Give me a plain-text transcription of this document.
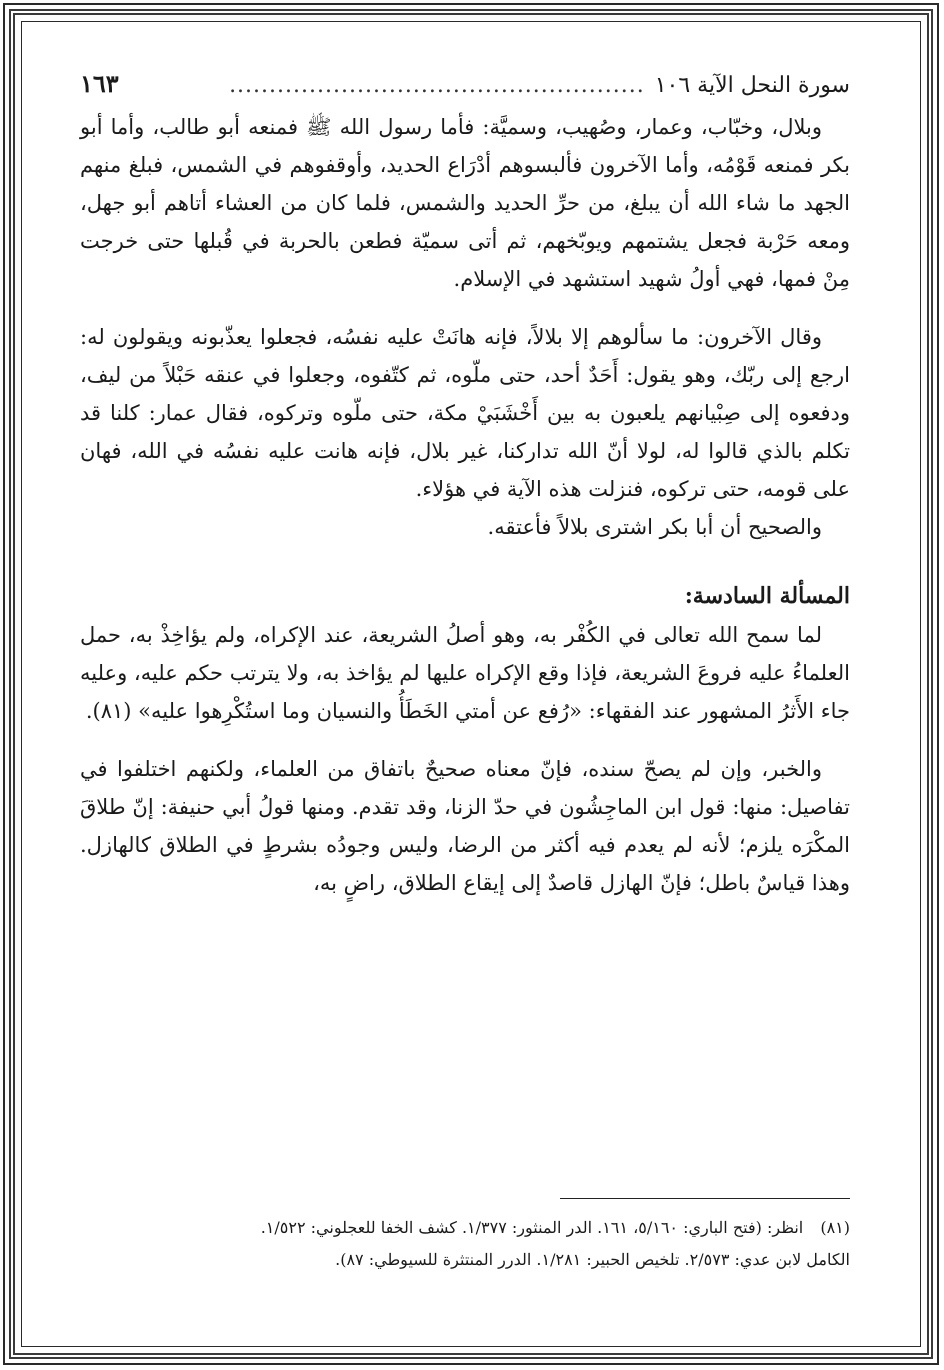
سورة النحل الآية ١٠٦
....................................................
١٦٣

وبلال، وخبّاب، وعمار، وصُهيب، وسميَّة: فأما رسول الله ﷺ فمنعه أبو طالب، وأما أبو بكر فمنعه قَوْمُه، وأما الآخرون فألبسوهم أدْرَاع الحديد، وأوقفوهم في الشمس، فبلغ منهم الجهد ما شاء الله أن يبلغ، من حرِّ الحديد والشمس، فلما كان من العشاء أتاهم أبو جهل، ومعه حَرْبة فجعل يشتمهم ويوبّخهم، ثم أتى سميّة فطعن بالحربة في قُبلها حتى خرجت مِنْ فمها، فهي أولُ شهيد استشهد في الإسلام.

وقال الآخرون: ما سألوهم إلا بلالاً، فإنه هانَتْ عليه نفسُه، فجعلوا يعذّبونه ويقولون له: ارجع إلى ربّك، وهو يقول: أَحَدٌ أحد، حتى ملّوه، ثم كتّفوه، وجعلوا في عنقه حَبْلاً من ليف، ودفعوه إلى صِبْيانهم يلعبون به بين أَخْشَبَيْ مكة، حتى ملّوه وتركوه، فقال عمار: كلنا قد تكلم بالذي قالوا له، لولا أنّ الله تداركنا، غير بلال، فإنه هانت عليه نفسُه في الله، فهان على قومه، حتى تركوه، فنزلت هذه الآية في هؤلاء.

والصحيح أن أبا بكر اشترى بلالاً فأعتقه.

المسألة السادسة:

لما سمح الله تعالى في الكُفْر به، وهو أصلُ الشريعة، عند الإكراه، ولم يؤاخِذْ به، حمل العلماءُ عليه فروعَ الشريعة، فإذا وقع الإكراه عليها لم يؤاخذ به، ولا يترتب حكم عليه، وعليه جاء الأَثرُ المشهور عند الفقهاء: «رُفع عن أمتي الخَطَأُ والنسيان وما استُكْرِهوا عليه» (٨١).

والخبر، وإن لم يصحّ سنده، فإنّ معناه صحيحٌ باتفاق من العلماء، ولكنهم اختلفوا في تفاصيل: منها: قول ابن الماجِشُون في حدّ الزنا، وقد تقدم. ومنها قولُ أبي حنيفة: إنّ طلاقَ المكْرَه يلزم؛ لأنه لم يعدم فيه أكثر من الرضا، وليس وجودُه بشرطٍ في الطلاق كالهازل. وهذا قياسٌ باطل؛ فإنّ الهازل قاصدٌ إلى إيقاع الطلاق، راضٍ به،

(٨١) انظر: (فتح الباري: ٥/١٦٠، ١٦١. الدر المنثور: ١/٣٧٧. كشف الخفا للعجلوني: ١/٥٢٢.
الكامل لابن عدي: ٢/٥٧٣. تلخيص الحبير: ١/٢٨١. الدرر المنتثرة للسيوطي: ٨٧).
